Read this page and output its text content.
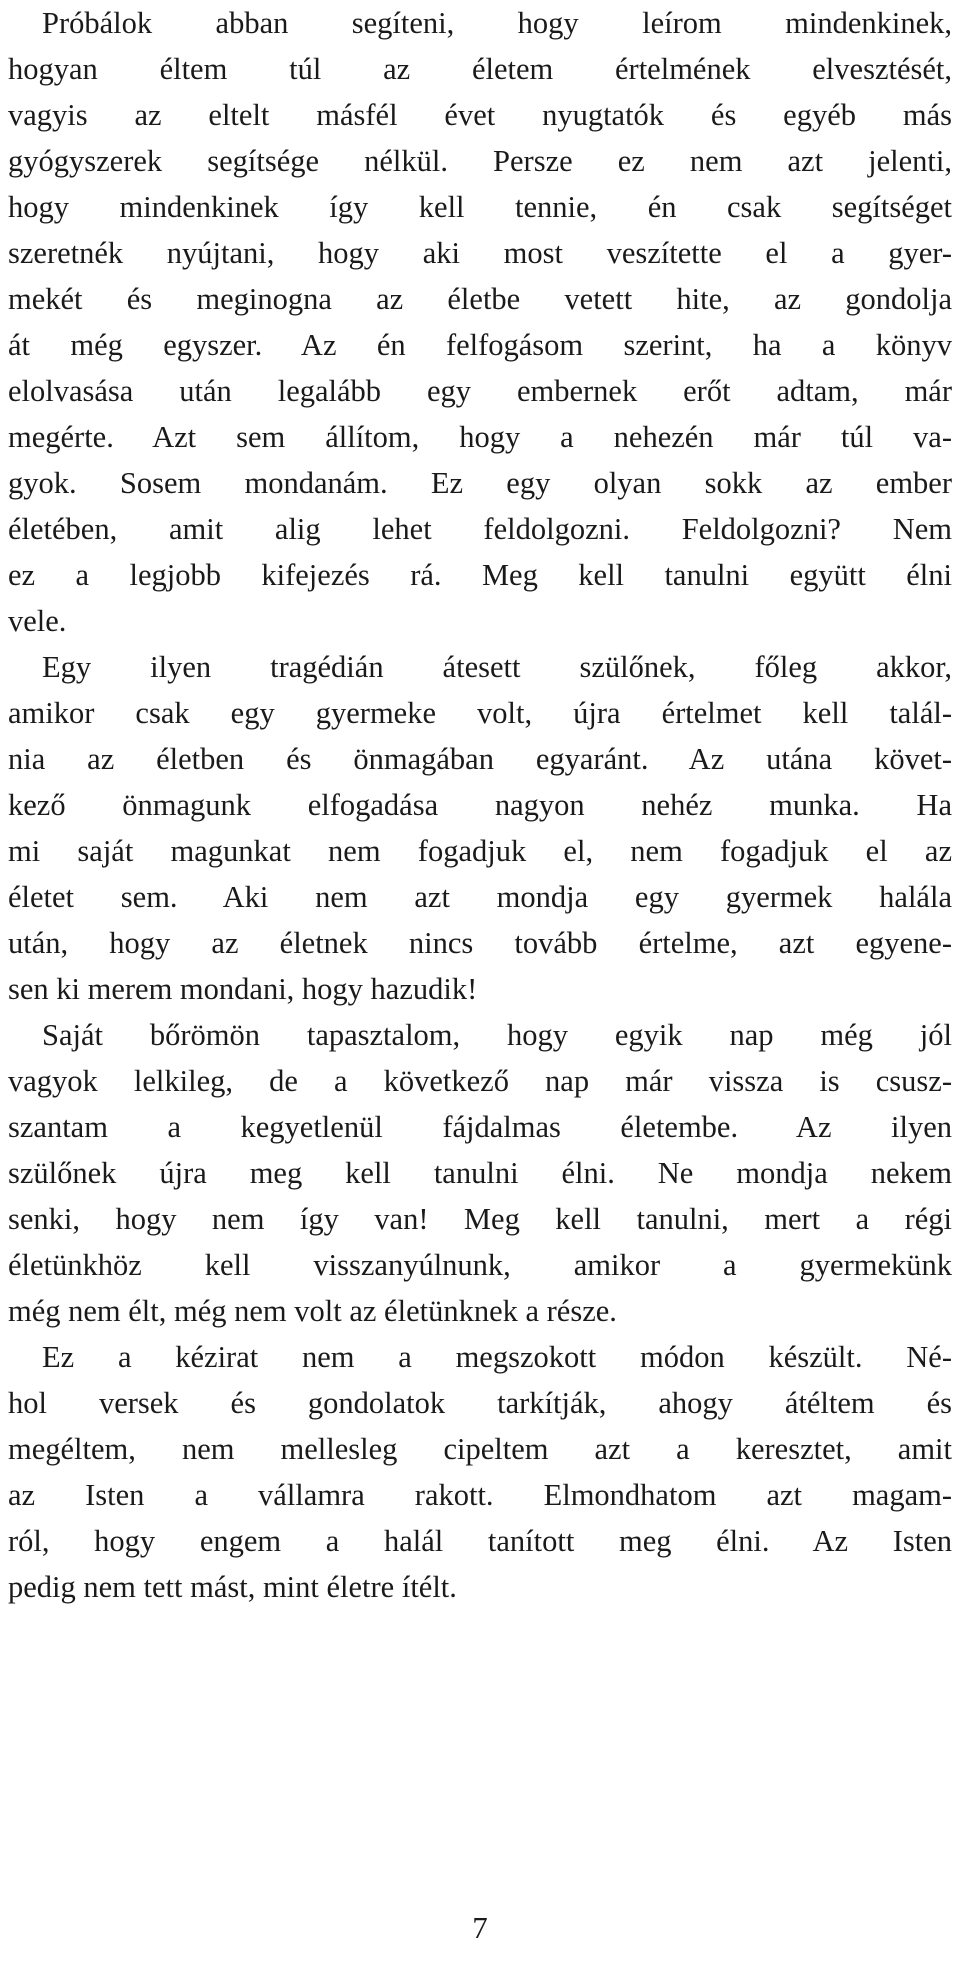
Próbálok abban segíteni, hogy leírom mindenkinek,
hogyan éltem túl az életem értelmének elvesztését,
vagyis az eltelt másfél évet nyugtatók és egyéb más
gyógyszerek segítsége nélkül. Persze ez nem azt jelenti,
hogy mindenkinek így kell tennie, én csak segítséget
szeretnék nyújtani, hogy aki most veszítette el a gyer-
mekét és meginogna az életbe vetett hite, az gondolja
át még egyszer. Az én felfogásom szerint, ha a könyv
elolvasása után legalább egy embernek erőt adtam, már
megérte. Azt sem állítom, hogy a nehezén már túl va-
gyok. Sosem mondanám. Ez egy olyan sokk az ember
életében, amit alig lehet feldolgozni. Feldolgozni? Nem
ez a legjobb kifejezés rá. Meg kell tanulni együtt élni
vele.
Egy ilyen tragédián átesett szülőnek, főleg akkor,
amikor csak egy gyermeke volt, újra értelmet kell talál-
nia az életben és önmagában egyaránt. Az utána követ-
kező önmagunk elfogadása nagyon nehéz munka. Ha
mi saját magunkat nem fogadjuk el, nem fogadjuk el az
életet sem. Aki nem azt mondja egy gyermek halála
után, hogy az életnek nincs tovább értelme, azt egyene-
sen ki merem mondani, hogy hazudik!
Saját bőrömön tapasztalom, hogy egyik nap még jól
vagyok lelkileg, de a következő nap már vissza is csusz-
szantam a kegyetlenül fájdalmas életembe. Az ilyen
szülőnek újra meg kell tanulni élni. Ne mondja nekem
senki, hogy nem így van! Meg kell tanulni, mert a régi
életünkhöz kell visszanyúlnunk, amikor a gyermekünk
még nem élt, még nem volt az életünknek a része.
Ez a kézirat nem a megszokott módon készült. Né-
hol versek és gondolatok tarkítják, ahogy átéltem és
megéltem, nem mellesleg cipeltem azt a keresztet, amit
az Isten a vállamra rakott. Elmondhatom azt magam-
ról, hogy engem a halál tanított meg élni. Az Isten
pedig nem tett mást, mint életre ítélt.
7
